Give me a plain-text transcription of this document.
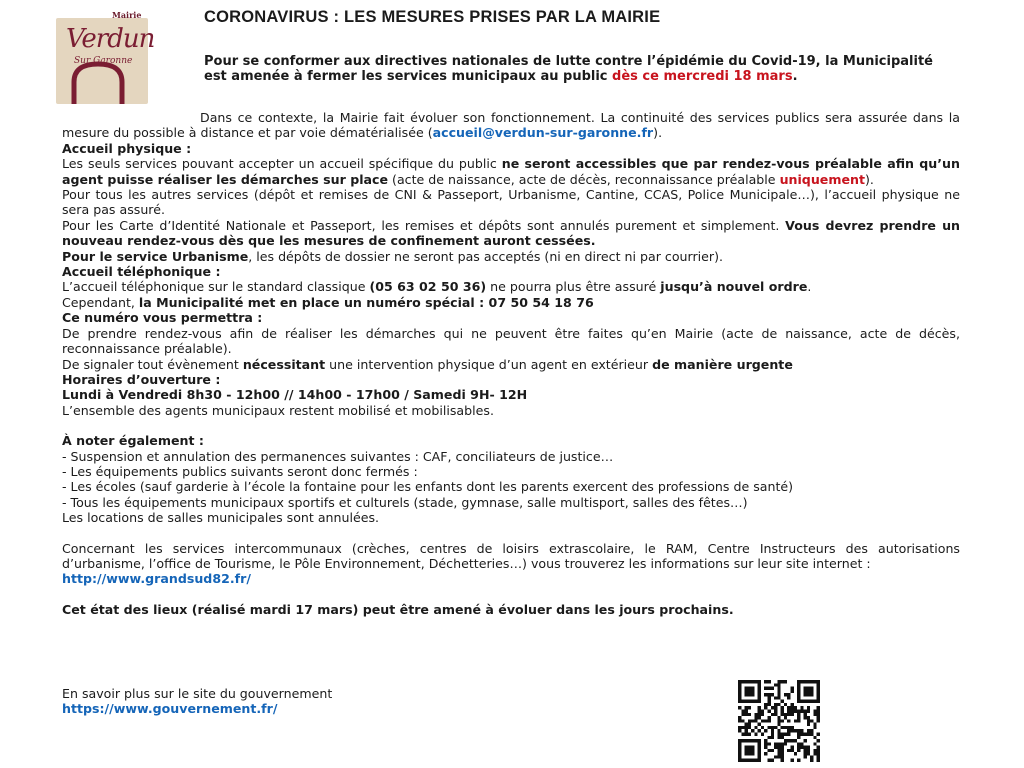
Mairie
Verdun
Sur Garonne
CORONAVIRUS : LES MESURES PRISES PAR LA MAIRIE
Pour se conformer aux directives nationales de lutte contre l’épidémie du Covid-19, la Municipalité est amenée à fermer les services municipaux au public dès ce mercredi 18 mars.

Dans ce contexte, la Mairie fait évoluer son fonctionnement. La continuité des services publics sera assurée dans la mesure du possible à distance et par voie dématérialisée (accueil@verdun-sur-garonne.fr).

Accueil physique :

Les seuls services pouvant accepter un accueil spécifique du public ne seront accessibles que par rendez-vous préalable afin qu’un agent puisse réaliser les démarches sur place (acte de naissance, acte de décès, reconnaissance préalable uniquement).

Pour tous les autres services (dépôt et remises de CNI & Passeport, Urbanisme, Cantine, CCAS, Police Municipale…), l’accueil physique ne sera pas assuré.

Pour les Carte d’Identité Nationale et Passeport, les remises et dépôts sont annulés purement et simplement. Vous devrez prendre un nouveau rendez-vous dès que les mesures de confinement auront cessées.

Pour le service Urbanisme, les dépôts de dossier ne seront pas acceptés (ni en direct ni par courrier).

Accueil téléphonique :

L’accueil téléphonique sur le standard classique (05 63 02 50 36) ne pourra plus être assuré jusqu’à nouvel ordre.

Cependant, la Municipalité met en place un numéro spécial : 07 50 54 18 76

Ce numéro vous permettra :

De prendre rendez-vous afin de réaliser les démarches qui ne peuvent être faites qu’en Mairie (acte de naissance, acte de décès, reconnaissance préalable).

De signaler tout évènement nécessitant une intervention physique d’un agent en extérieur de manière urgente

Horaires d’ouverture :

Lundi à Vendredi 8h30 - 12h00 // 14h00 - 17h00 / Samedi 9H- 12H

L’ensemble des agents municipaux restent mobilisé et mobilisables.

À noter également :

- Suspension et annulation des permanences suivantes : CAF, conciliateurs de justice…

- Les équipements publics suivants seront donc fermés :

- Les écoles (sauf garderie à l’école la fontaine pour les enfants dont les parents exercent des professions de santé)

- Tous les équipements municipaux sportifs et culturels (stade, gymnase, salle multisport, salles des fêtes…)

Les locations de salles municipales sont annulées.

Concernant les services intercommunaux (crèches, centres de loisirs extrascolaire, le RAM, Centre Instructeurs des autorisations d’urbanisme, l’office de Tourisme, le Pôle Environnement, Déchetteries…) vous trouverez les informations sur leur site internet :

http://www.grandsud82.fr/

Cet état des lieux (réalisé mardi 17 mars) peut être amené à évoluer dans les jours prochains.

En savoir plus sur le site du gouvernement

https://www.gouvernement.fr/
